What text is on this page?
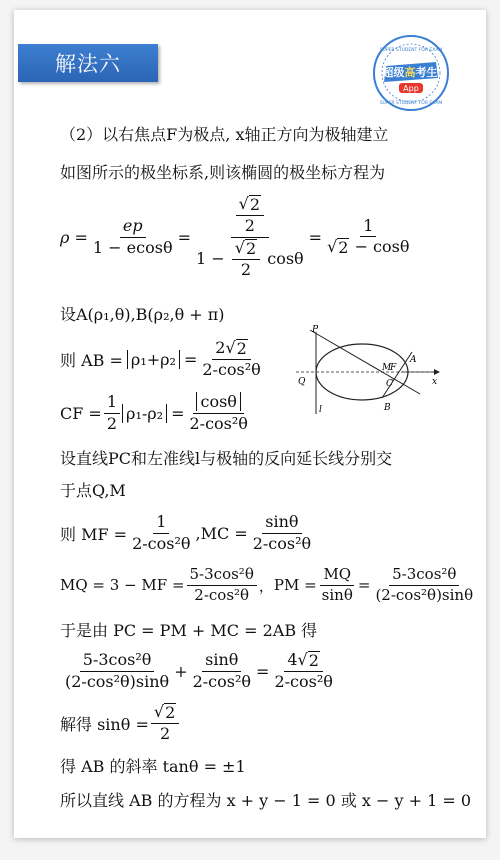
解法六	超级高考生
App
SUPER STUDENT FOR EXAM
SUPER STUDENT FOR EXAM
（2）以右焦点F为极点, x轴正方向为极轴建立
如图所示的极坐标系,则该椭圆的极坐标方程为
$\rho = \frac{ep}{1 - ecos\theta} = \frac{\frac{√ 2}{2}}{1 - \frac{√ 2}{2} \cos\theta} = \frac{1}{√ 2 - \cos\theta}$
设A(ρ₁,θ),B(ρ₂,θ + π)
则 AB = $\rho_1+\rho_2 = \frac{2 √ 2}{\text{2-cos²θ}}$
CF = $\frac{1}{2} \rho_1-\rho_2 = \frac{\cos\theta}{\text{2-cos²θ}}$
P
Q
l
M
F
A
C
B
x
设直线PC和左准线l与极轴的反向延长线分别交
于点Q,M
则 MF = $\frac{1}{\text{2-cos²θ}} ,MC = \frac{\sin\theta}{\text{2-cos²θ}}$
MQ = 3 − MF = $\frac{\text{5-3cos²θ}}{\text{2-cos²θ}}$ ， PM = $\frac{MQ}{\sin\theta} = \frac{\text{5-3cos²θ}}{\text{(2-cos²θ)sinθ}}$
于是由 PC = PM + MC = 2AB 得
$\frac{\text{5-3cos²θ}}{\text{(2-cos²θ)sinθ}} + \frac{\sin\theta}{\text{2-cos²θ}} = \frac{4 √ 2}{\text{2-cos²θ}}$
解得 $\sin\theta = \frac{√ 2}{2}$
得 AB 的斜率 tanθ = ±1
所以直线 AB 的方程为 x + y − 1 = 0 或 x − y + 1 = 0
